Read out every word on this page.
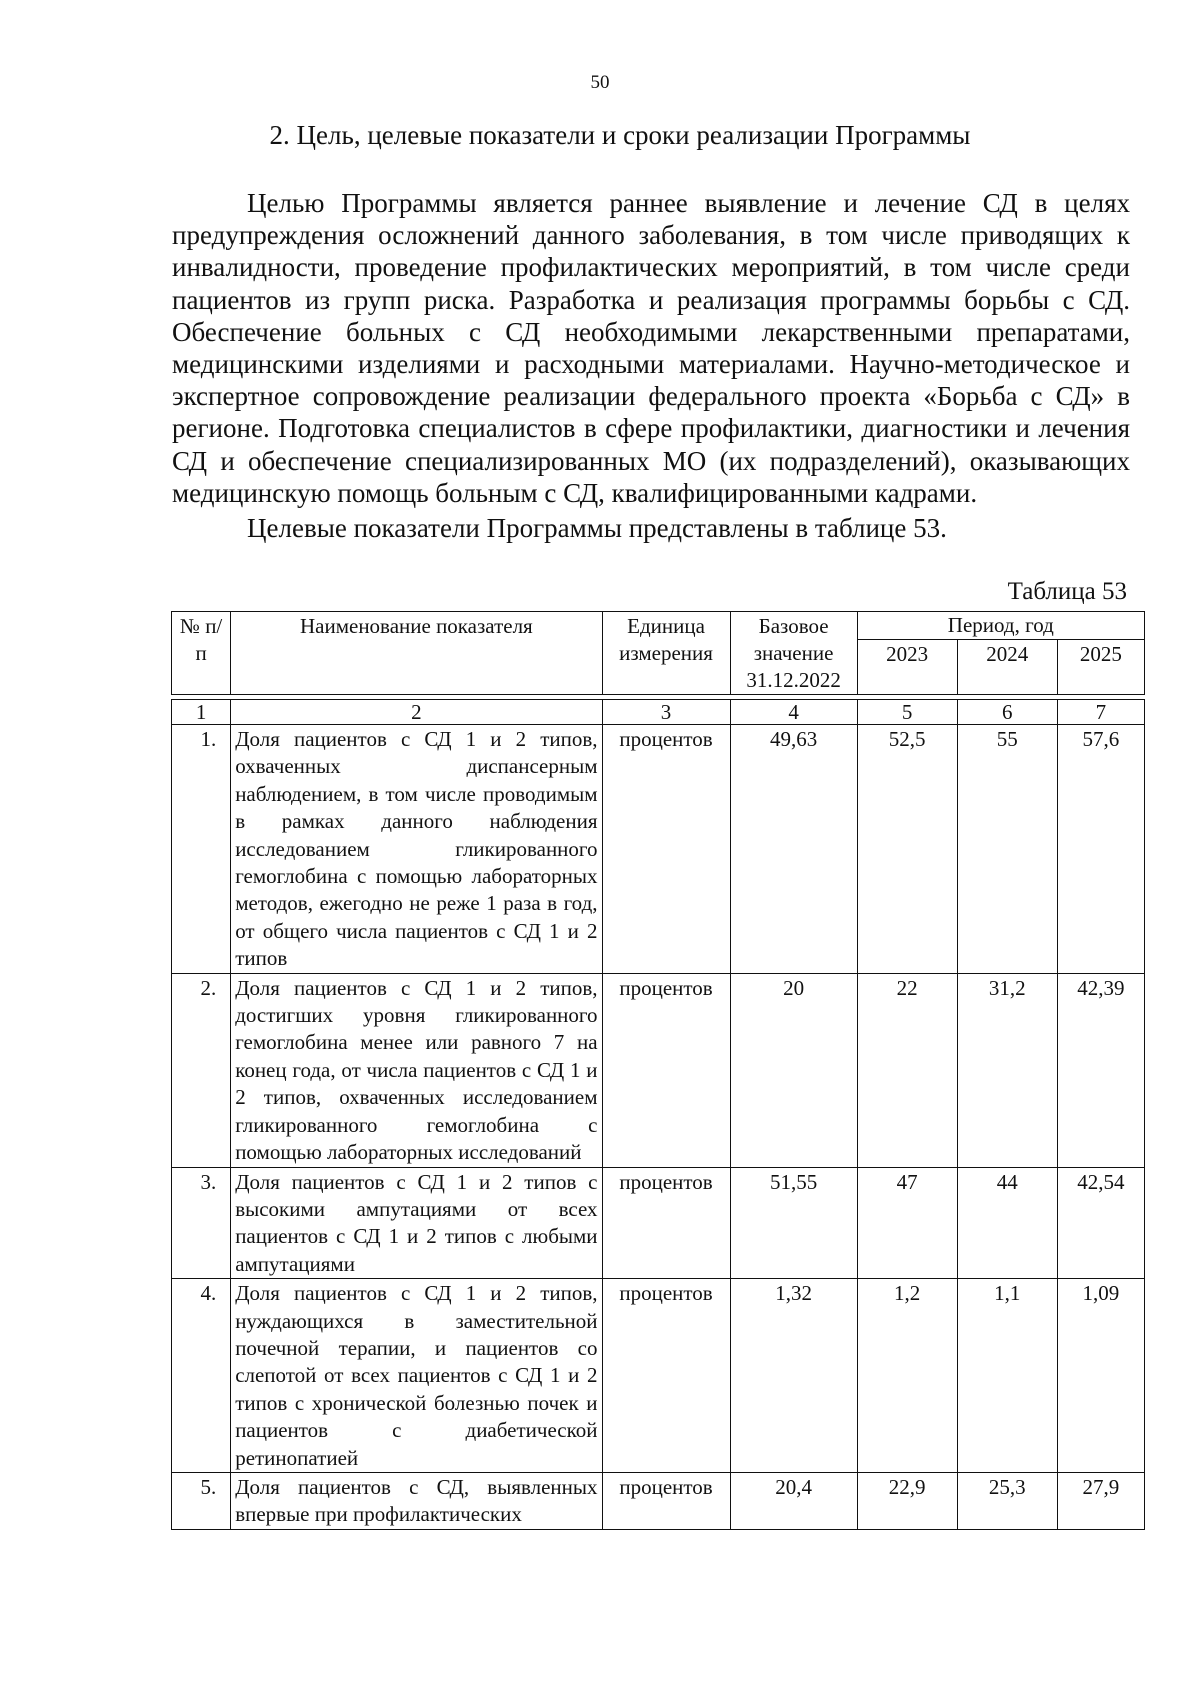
50
2. Цель, целевые показатели и сроки реализации Программы

Целью Программы является раннее выявление и лечение СД в целях предупреждения осложнений данного заболевания, в том числе приводящих к инвалидности, проведение профилактических мероприятий, в том числе среди пациентов из групп риска. Разработка и реализация программы борьбы с СД. Обеспечение больных с СД необходимыми лекарственными препаратами, медицинскими изделиями и расходными материалами. Научно-методическое и экспертное сопровождение реализации федерального проекта «Борьба с СД» в регионе. Подготовка специалистов в сфере профилактики, диагностики и лечения СД и обеспечение специализированных МО (их подразделений), оказывающих медицинскую помощь больным с СД, квалифицированными кадрами.

Целевые показатели Программы представлены в таблице 53.

Таблица 53
№ п/п	Наименование показателя	Единица измерения	Базовое значение 31.12.2022	Период, год		
				2023	2024	2025

1	2	3	4	5	6	7
1.	Доля пациентов с СД 1 и 2 типов, охваченных диспансерным наблюдением, в том числе проводимым в рамках данного наблюдения исследованием гликированного гемоглобина с помощью лабораторных методов, ежегодно не реже 1 раза в год, от общего числа пациентов с СД 1 и 2 типов	процентов	49,63	52,5	55	57,6
2.	Доля пациентов с СД 1 и 2 типов, достигших уровня гликированного гемоглобина менее или равного 7 на конец года, от числа пациентов с СД 1 и 2 типов, охваченных исследованием гликированного гемоглобина с помощью лабораторных исследований	процентов	20	22	31,2	42,39
3.	Доля пациентов с СД 1 и 2 типов с высокими ампутациями от всех пациентов с СД 1 и 2 типов с любыми ампутациями	процентов	51,55	47	44	42,54
4.	Доля пациентов с СД 1 и 2 типов, нуждающихся в заместительной почечной терапии, и пациентов со слепотой от всех пациентов с СД 1 и 2 типов с хронической болезнью почек и пациентов с диабетической ретинопатией	процентов	1,32	1,2	1,1	1,09
5.	Доля пациентов с СД, выявленных впервые при профилактических	процентов	20,4	22,9	25,3	27,9
